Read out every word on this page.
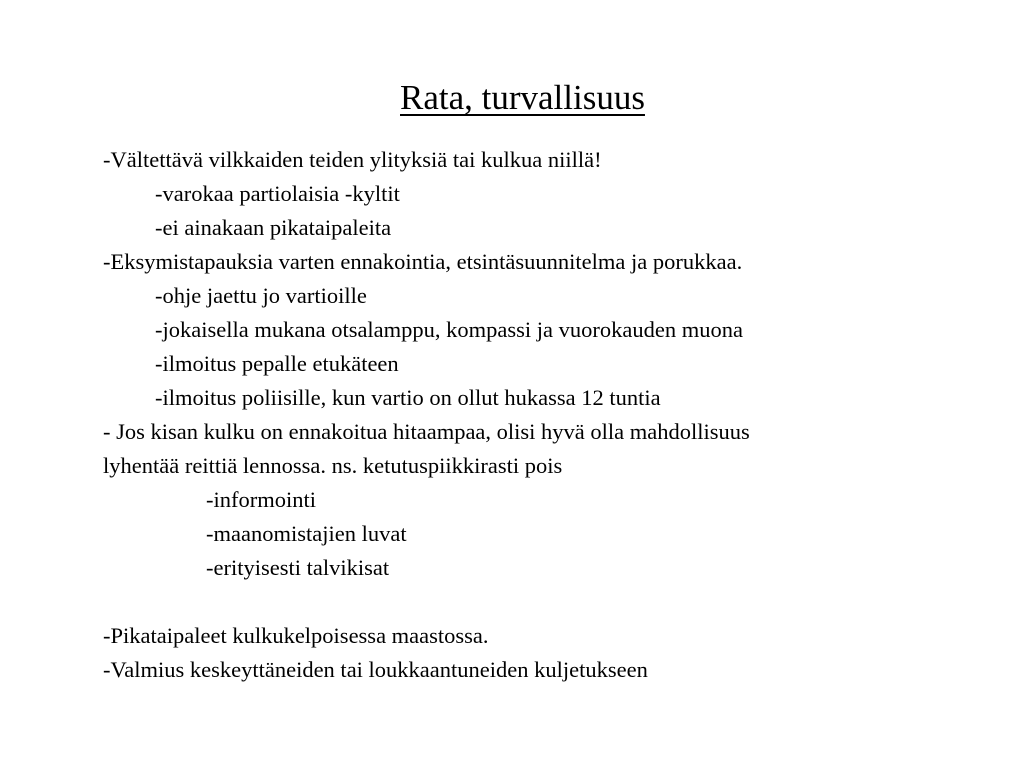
Rata, turvallisuus
-Vältettävä vilkkaiden teiden ylityksiä tai kulkua niillä!
-varokaa partiolaisia -kyltit
-ei ainakaan pikataipaleita
-Eksymistapauksia varten ennakointia, etsintäsuunnitelma ja porukkaa.
-ohje jaettu jo vartioille
-jokaisella mukana otsalamppu, kompassi ja vuorokauden muona
-ilmoitus pepalle etukäteen
-ilmoitus poliisille, kun vartio on ollut hukassa 12 tuntia
- Jos kisan kulku on ennakoitua hitaampaa, olisi hyvä olla mahdollisuus
lyhentää reittiä lennossa. ns. ketutuspiikkirasti pois
-informointi
-maanomistajien luvat
-erityisesti talvikisat
-Pikataipaleet kulkukelpoisessa maastossa.
-Valmius keskeyttäneiden tai loukkaantuneiden kuljetukseen
